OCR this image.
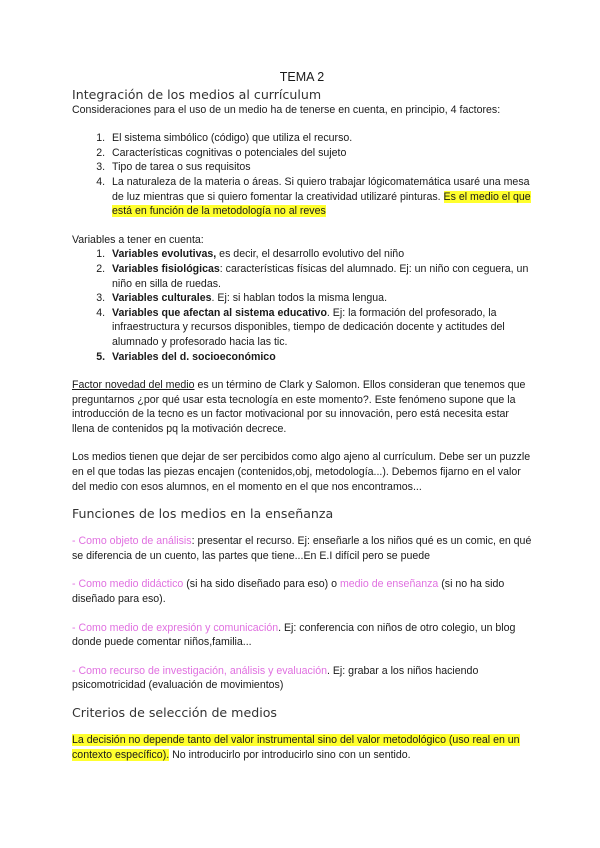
TEMA 2
Integración de los medios al currículum

Consideraciones para el uso de un medio ha de tenerse en cuenta, en principio, 4 factores:

1. El sistema simbólico (código) que utiliza el recurso.
2. Características cognitivas o potenciales del sujeto
3. Tipo de tarea o sus requisitos
4. La naturaleza de la materia o áreas. Si quiero trabajar lógicomatemática usaré una mesa de luz mientras que si quiero fomentar la creatividad utilizaré pinturas. Es el medio el que está en función de la metodología no al reves

Variables a tener en cuenta:

1. Variables evolutivas, es decir, el desarrollo evolutivo del niño
2. Variables fisiológicas: características físicas del alumnado. Ej: un niño con ceguera, un niño en silla de ruedas.
3. Variables culturales. Ej: si hablan todos la misma lengua.
4. Variables que afectan al sistema educativo. Ej: la formación del profesorado, la infraestructura y recursos disponibles, tiempo de dedicación docente y actitudes del alumnado y profesorado hacia las tic.
5. Variables del d. socioeconómico

Factor novedad del medio es un término de Clark y Salomon. Ellos consideran que tenemos que preguntarnos ¿por qué usar esta tecnología en este momento?. Este fenómeno supone que la introducción de la tecno es un factor motivacional por su innovación, pero está necesita estar llena de contenidos pq la motivación decrece.

Los medios tienen que dejar de ser percibidos como algo ajeno al currículum. Debe ser un puzzle en el que todas las piezas encajen (contenidos,obj, metodología...). Debemos fijarno en el valor del medio con esos alumnos, en el momento en el que nos encontramos...

Funciones de los medios en la enseñanza

- Como objeto de análisis: presentar el recurso. Ej: enseñarle a los niños qué es un comic, en qué se diferencia de un cuento, las partes que tiene...En E.I difícil pero se puede

- Como medio didáctico (si ha sido diseñado para eso) o medio de enseñanza (si no ha sido diseñado para eso).

- Como medio de expresión y comunicación. Ej: conferencia con niños de otro colegio, un blog donde puede comentar niños,familia...

- Como recurso de investigación, análisis y evaluación. Ej: grabar a los niños haciendo psicomotricidad (evaluación de movimientos)

Criterios de selección de medios

La decisión no depende tanto del valor instrumental sino del valor metodológico (uso real en un contexto específico). No introducirlo por introducirlo sino con un sentido.
